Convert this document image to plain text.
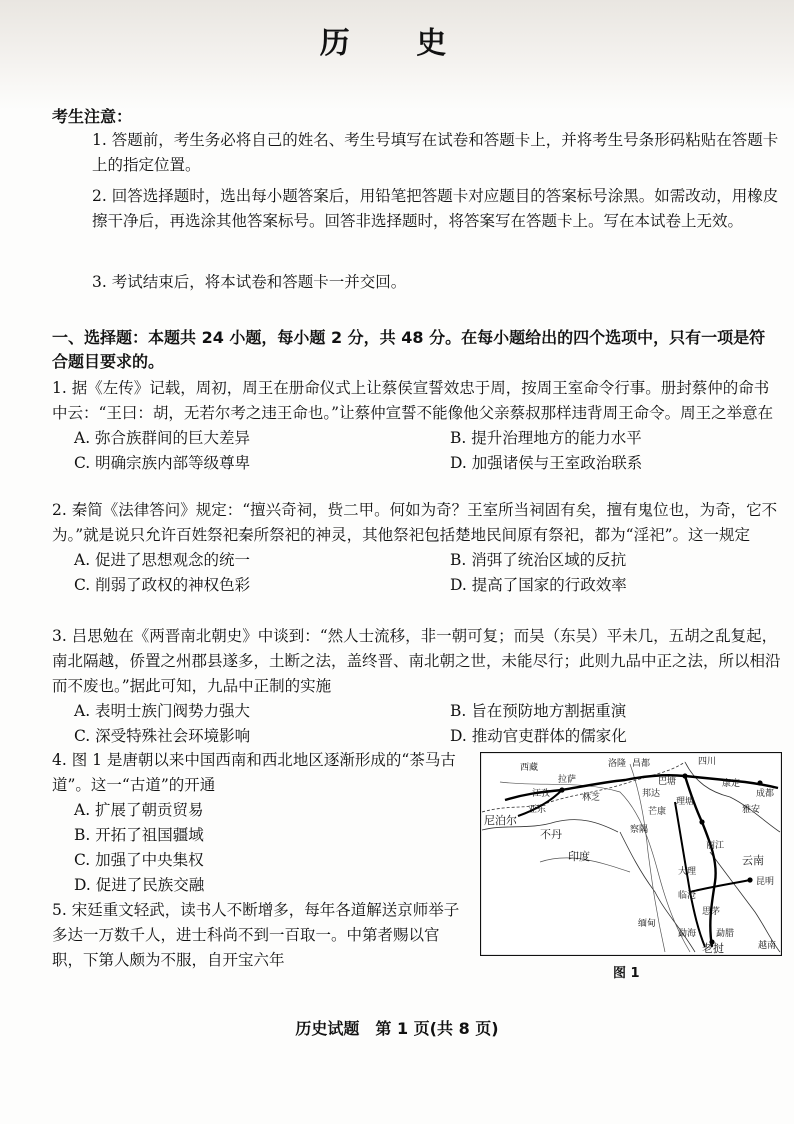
历 史
考生注意：
1. 答题前，考生务必将自己的姓名、考生号填写在试卷和答题卡上，并将考生号条形码粘贴在答题卡上的指定位置。
2. 回答选择题时，选出每小题答案后，用铅笔把答题卡对应题目的答案标号涂黑。如需改动，用橡皮擦干净后，再选涂其他答案标号。回答非选择题时，将答案写在答题卡上。写在本试卷上无效。
3. 考试结束后，将本试卷和答题卡一并交回。
一、选择题：本题共 24 小题，每小题 2 分，共 48 分。在每小题给出的四个选项中，只有一项是符合题目要求的。
1. 据《左传》记载，周初，周王在册命仪式上让蔡侯宣誓效忠于周，按周王室命令行事。册封蔡仲的命书中云：“王曰：胡，无若尔考之违王命也。”让蔡仲宣誓不能像他父亲蔡叔那样违背周王命令。周王之举意在
A. 弥合族群间的巨大差异	B. 提升治理地方的能力水平
C. 明确宗族内部等级尊卑	D. 加强诸侯与王室政治联系
2. 秦简《法律答问》规定：“擅兴奇祠，赀二甲。何如为奇？王室所当祠固有矣，擅有鬼位也，为奇，它不为。”就是说只允许百姓祭祀秦所祭祀的神灵，其他祭祀包括楚地民间原有祭祀，都为“淫祀”。这一规定
A. 促进了思想观念的统一	B. 消弭了统治区域的反抗
C. 削弱了政权的神权色彩	D. 提高了国家的行政效率
3. 吕思勉在《两晋南北朝史》中谈到：“然人士流移，非一朝可复；而吴（东吴）平未几，五胡之乱复起，南北隔越，侨置之州郡县遂多，土断之法，盖终晋、南北朝之世，未能尽行；此则九品中正之法，所以相沿而不废也。”据此可知，九品中正制的实施
A. 表明士族门阀势力强大	B. 旨在预防地方割据重演
C. 深受特殊社会环境影响	D. 推动官吏群体的儒家化
4. 图 1 是唐朝以来中国西南和西北地区逐渐形成的“茶马古道”。这一“古道”的开通
A. 扩展了朝贡贸易
B. 开拓了祖国疆域
C. 加强了中央集权
D. 促进了民族交融
5. 宋廷重文轻武，读书人不断增多，每年各道解送京师举子多达一万数千人，进士科尚不到一百取一。中第者赐以官职，下第人颇为不服，自开宝六年
西藏
拉萨
江孜
亚东
林芝
洛隆 昌都
巴塘
四川
康定
雅安
成都
邦达
芒康
理塘
尼泊尔
不丹	察隅
印度
丽江
大理
云南
昆明
缅甸
临沧
思茅
勐海 勐腊
老挝	越南
图 1
历史试题　第 1 页(共 8 页)
